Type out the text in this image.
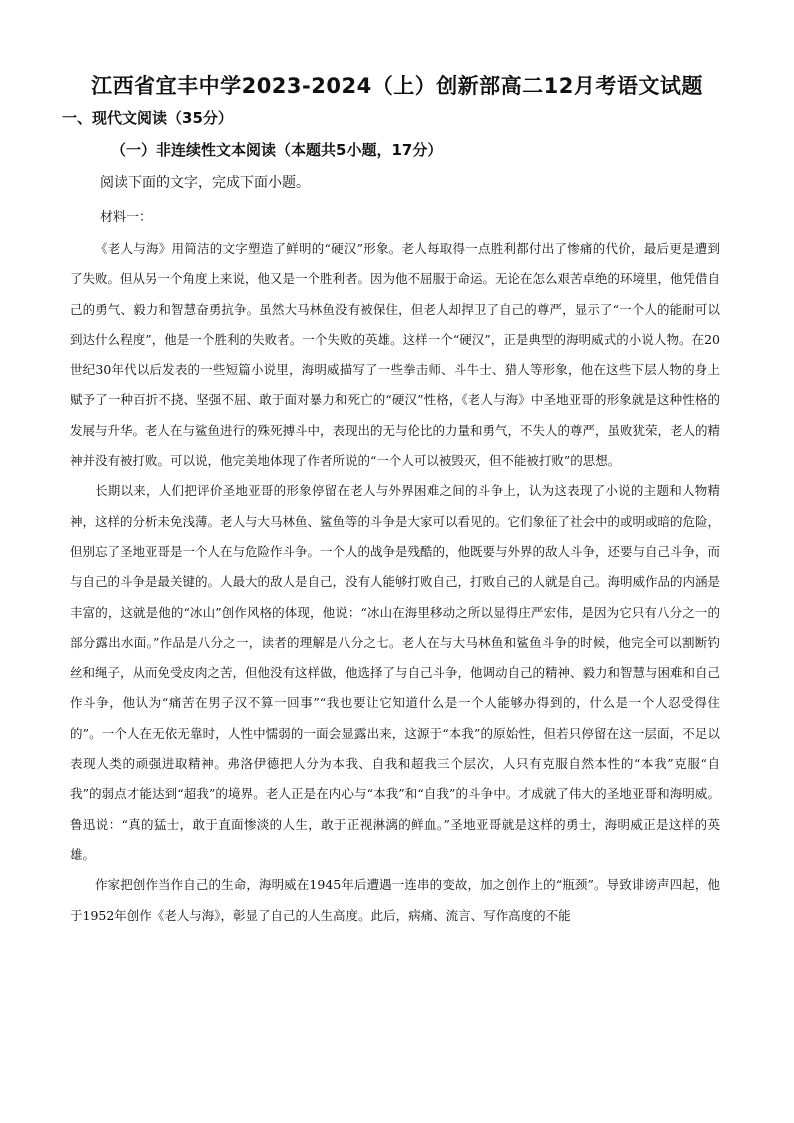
江西省宜丰中学2023-2024（上）创新部高二12月考语文试题
一、现代文阅读（35分）
（一）非连续性文本阅读（本题共5小题，17分）
阅读下面的文字，完成下面小题。
材料一：

《老人与海》用简洁的文字塑造了鲜明的“硬汉”形象。老人每取得一点胜利都付出了惨痛的代价，最后更是遭到了失败。但从另一个角度上来说，他又是一个胜利者。因为他不屈服于命运。无论在怎么艰苦卓绝的环境里，他凭借自己的勇气、毅力和智慧奋勇抗争。虽然大马林鱼没有被保住，但老人却捍卫了自己的尊严，显示了“一个人的能耐可以到达什么程度”，他是一个胜利的失败者。一个失败的英雄。这样一个“硬汉”，正是典型的海明威式的小说人物。在20世纪30年代以后发表的一些短篇小说里，海明威描写了一些拳击师、斗牛士、猎人等形象，他在这些下层人物的身上赋予了一种百折不挠、坚强不屈、敢于面对暴力和死亡的“硬汉”性格，《老人与海》中圣地亚哥的形象就是这种性格的发展与升华。老人在与鲨鱼进行的殊死搏斗中，表现出的无与伦比的力量和勇气，不失人的尊严，虽败犹荣，老人的精神并没有被打败。可以说，他完美地体现了作者所说的“一个人可以被毁灭，但不能被打败”的思想。

长期以来，人们把评价圣地亚哥的形象停留在老人与外界困难之间的斗争上，认为这表现了小说的主题和人物精神，这样的分析未免浅薄。老人与大马林鱼、鲨鱼等的斗争是大家可以看见的。它们象征了社会中的或明或暗的危险，但别忘了圣地亚哥是一个人在与危险作斗争。一个人的战争是残酷的，他既要与外界的敌人斗争，还要与自己斗争，而与自己的斗争是最关键的。人最大的敌人是自己，没有人能够打败自己，打败自己的人就是自己。海明威作品的内涵是丰富的，这就是他的“冰山”创作风格的体现，他说：“冰山在海里移动之所以显得庄严宏伟，是因为它只有八分之一的部分露出水面。”作品是八分之一，读者的理解是八分之七。老人在与大马林鱼和鲨鱼斗争的时候，他完全可以割断钓丝和绳子，从而免受皮肉之苦，但他没有这样做，他选择了与自己斗争，他调动自己的精神、毅力和智慧与困难和自己作斗争，他认为“痛苦在男子汉不算一回事”“我也要让它知道什么是一个人能够办得到的，什么是一个人忍受得住的”。一个人在无依无靠时，人性中懦弱的一面会显露出来，这源于“本我”的原始性，但若只停留在这一层面，不足以表现人类的顽强进取精神。弗洛伊德把人分为本我、自我和超我三个层次，人只有克服自然本性的“本我”克服“自我”的弱点才能达到“超我”的境界。老人正是在内心与“本我”和“自我”的斗争中。才成就了伟大的圣地亚哥和海明威。鲁迅说：“真的猛士，敢于直面惨淡的人生，敢于正视淋漓的鲜血。”圣地亚哥就是这样的勇士，海明威正是这样的英雄。

作家把创作当作自己的生命，海明威在1945年后遭遇一连串的变故，加之创作上的“瓶颈”。导致诽谤声四起，他于1952年创作《老人与海》，彰显了自己的人生高度。此后，病痛、流言、写作高度的不能
